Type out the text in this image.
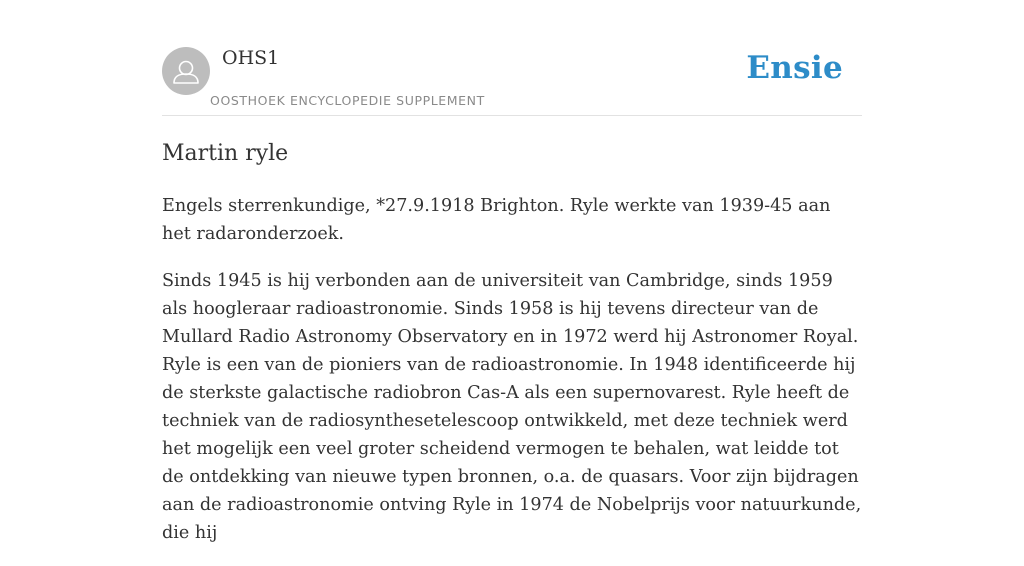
OHS1
OOSTHOEK ENCYCLOPEDIE SUPPLEMENT
Ensie
Martin ryle

Engels sterrenkundige, *27.9.1918 Brighton. Ryle werkte van 1939-45 aan het radaronderzoek.

Sinds 1945 is hij verbonden aan de universiteit van Cambridge, sinds 1959 als hoogleraar radioastronomie. Sinds 1958 is hij tevens directeur van de Mullard Radio Astronomy Observatory en in 1972 werd hij Astronomer Royal. Ryle is een van de pioniers van de radioastronomie. In 1948 identificeerde hij de sterkste galactische radiobron Cas-A als een supernovarest. Ryle heeft de techniek van de radiosynthesetelescoop ontwikkeld, met deze techniek werd het mogelijk een veel groter scheidend vermogen te behalen, wat leidde tot de ontdekking van nieuwe typen bronnen, o.a. de quasars. Voor zijn bijdragen aan de radioastronomie ontving Ryle in 1974 de Nobelprijs voor natuurkunde, die hij
